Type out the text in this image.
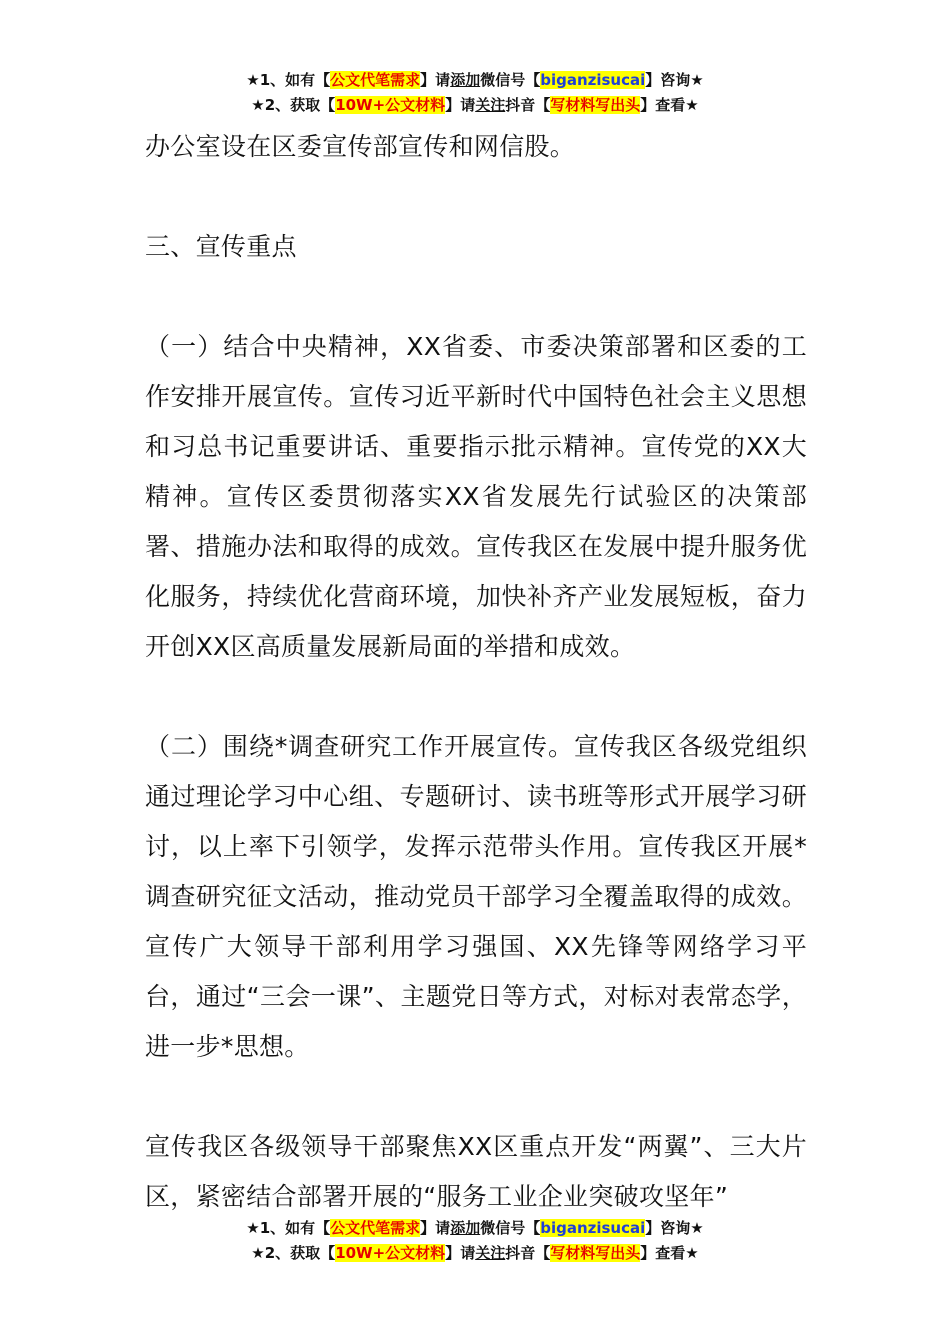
★1、如有【公文代笔需求】请添加微信号【biganzisucai】咨询★
★2、获取【10W+公文材料】请关注抖音【写材料写出头】查看★

办公室设在区委宣传部宣传和网信股。

三、宣传重点

（一）结合中央精神，XX省委、市委决策部署和区委的工作安排开展宣传。宣传习近平新时代中国特色社会主义思想和习总书记重要讲话、重要指示批示精神。宣传党的XX大精神。宣传区委贯彻落实XX省发展先行试验区的决策部署、措施办法和取得的成效。宣传我区在发展中提升服务优化服务，持续优化营商环境，加快补齐产业发展短板，奋力开创XX区高质量发展新局面的举措和成效。

（二）围绕*调查研究工作开展宣传。宣传我区各级党组织通过理论学习中心组、专题研讨、读书班等形式开展学习研讨，以上率下引领学，发挥示范带头作用。宣传我区开展*调查研究征文活动，推动党员干部学习全覆盖取得的成效。宣传广大领导干部利用学习强国、XX先锋等网络学习平台，通过“三会一课”、主题党日等方式，对标对表常态学，进一步*思想。

宣传我区各级领导干部聚焦XX区重点开发“两翼”、三大片区，紧密结合部署开展的“服务工业企业突破攻坚年”

★1、如有【公文代笔需求】请添加微信号【biganzisucai】咨询★
★2、获取【10W+公文材料】请关注抖音【写材料写出头】查看★
